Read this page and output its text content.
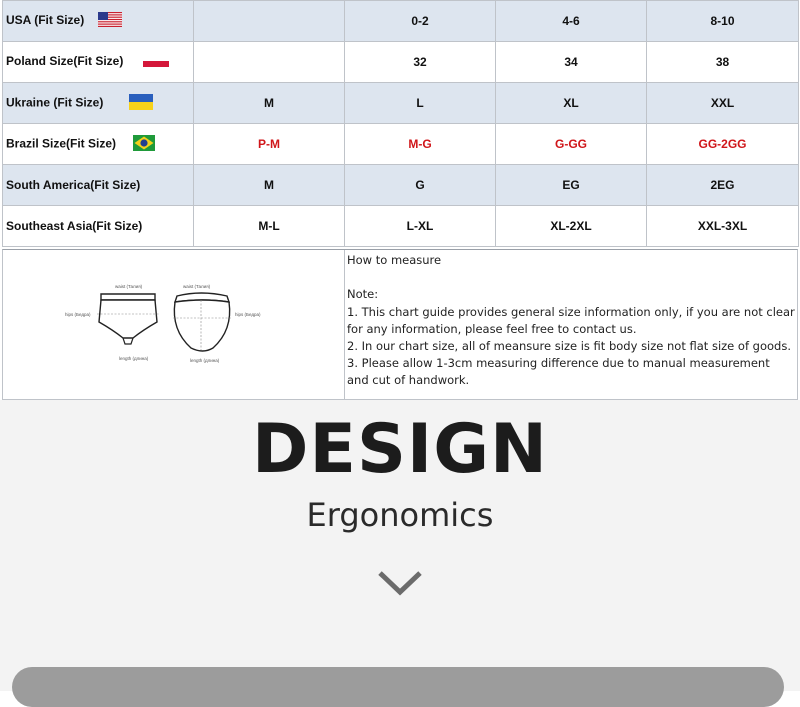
USA (Fit Size)		0-2	4-6	8-10
Poland Size(Fit Size)		32	34	38
Ukraine (Fit Size)	M	L	XL	XXL
Brazil Size(Fit Size)	P-M	M-G	G-GG	GG-2GG
South America(Fit Size)	M	G	EG	2EG
Southeast Asia(Fit Size)	M-L	L-XL	XL-2XL	XXL-3XL
waist (Талия)
hips (Бедра)
length (длина)
waist (Талия)
hips (Бедра)
length (длина)

How to measure

Note:

1. This chart guide provides general size information only, if you are not clear for any information, please feel free to contact us.

2. In our chart size, all of meansure size is fit body size not flat size of goods.

3. Please allow 1-3cm measuring difference due to manual measurement and cut of handwork.

DESIGN
Ergonomics
